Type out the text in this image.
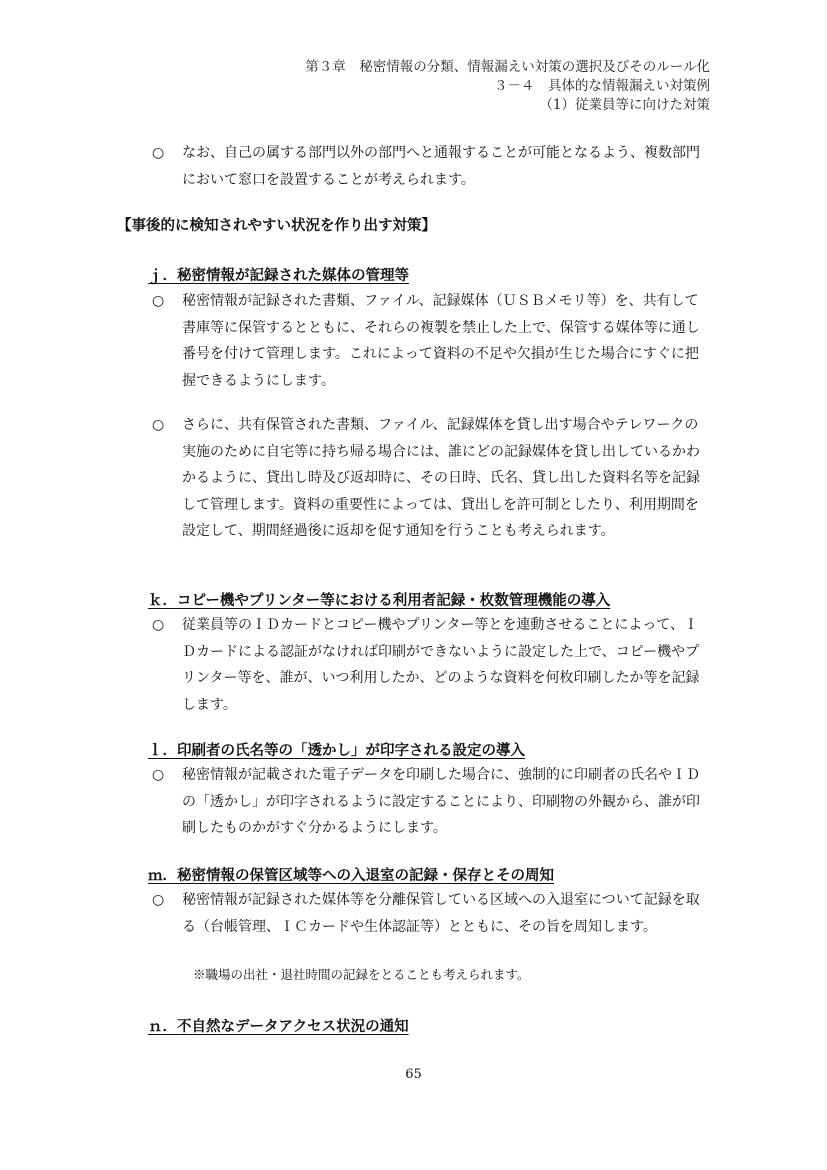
第３章　秘密情報の分類、情報漏えい対策の選択及びそのルール化
３－４　具体的な情報漏えい対策例
（1）従業員等に向けた対策
○ なお、自己の属する部門以外の部門へと通報することが可能となるよう、複数部門において窓口を設置することが考えられます。
【事後的に検知されやすい状況を作り出す対策】
ｊ．秘密情報が記録された媒体の管理等
○ 秘密情報が記録された書類、ファイル、記録媒体（ＵＳＢメモリ等）を、共有して書庫等に保管するとともに、それらの複製を禁止した上で、保管する媒体等に通し番号を付けて管理します。これによって資料の不足や欠損が生じた場合にすぐに把握できるようにします。
○ さらに、共有保管された書類、ファイル、記録媒体を貸し出す場合やテレワークの実施のために自宅等に持ち帰る場合には、誰にどの記録媒体を貸し出しているかわかるように、貸出し時及び返却時に、その日時、氏名、貸し出した資料名等を記録して管理します。資料の重要性によっては、貸出しを許可制としたり、利用期間を設定して、期間経過後に返却を促す通知を行うことも考えられます。
ｋ．コピー機やプリンター等における利用者記録・枚数管理機能の導入
○ 従業員等のＩＤカードとコピー機やプリンター等とを連動させることによって、ＩＤカードによる認証がなければ印刷ができないように設定した上で、コピー機やプリンター等を、誰が、いつ利用したか、どのような資料を何枚印刷したか等を記録します。
ｌ．印刷者の氏名等の「透かし」が印字される設定の導入
○ 秘密情報が記載された電子データを印刷した場合に、強制的に印刷者の氏名やＩＤの「透かし」が印字されるように設定することにより、印刷物の外観から、誰が印刷したものかがすぐ分かるようにします。
ｍ．秘密情報の保管区域等への入退室の記録・保存とその周知
○ 秘密情報が記録された媒体等を分離保管している区域への入退室について記録を取る（台帳管理、ＩＣカードや生体認証等）とともに、その旨を周知します。
※職場の出社・退社時間の記録をとることも考えられます。
ｎ．不自然なデータアクセス状況の通知
65
